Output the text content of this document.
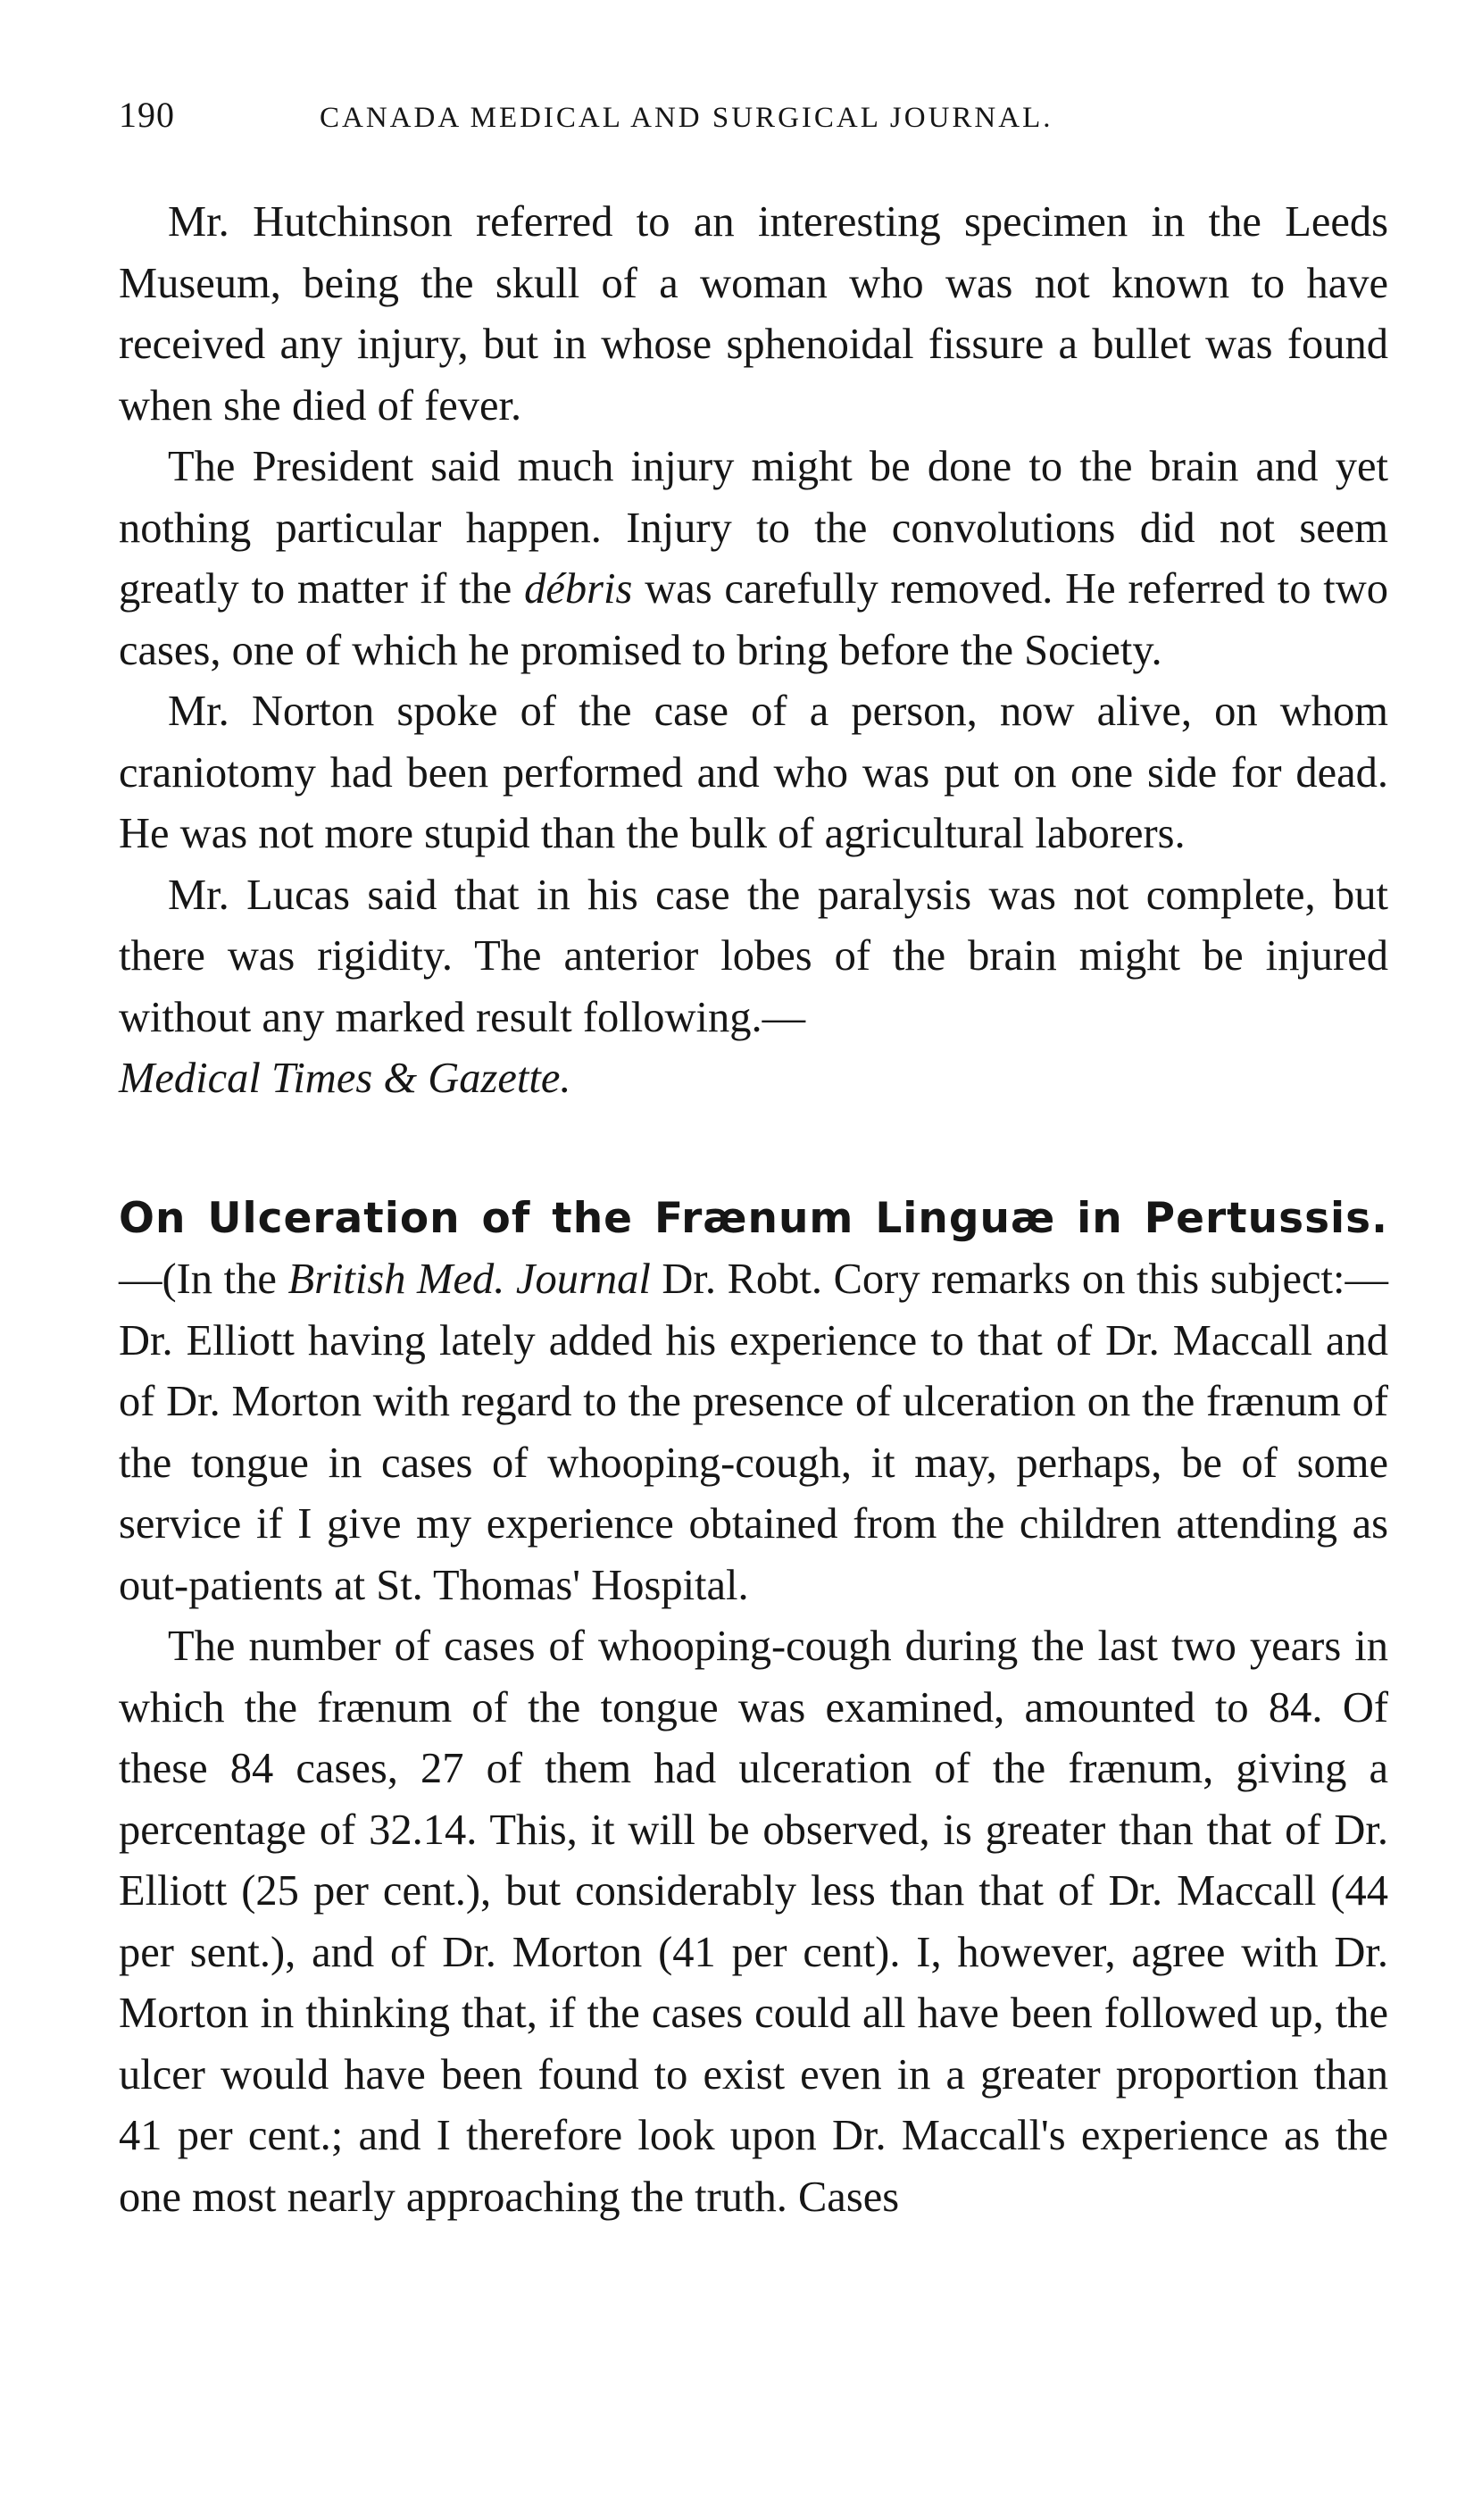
190	CANADA MEDICAL AND SURGICAL JOURNAL.

Mr. Hutchinson referred to an interesting specimen in the Leeds Museum, being the skull of a woman who was not known to have received any injury, but in whose sphenoidal fissure a bullet was found when she died of fever.

The President said much injury might be done to the brain and yet nothing particular happen. Injury to the convolutions did not seem greatly to matter if the débris was carefully removed. He referred to two cases, one of which he promised to bring before the Society.

Mr. Norton spoke of the case of a person, now alive, on whom craniotomy had been performed and who was put on one side for dead. He was not more stupid than the bulk of agricultural laborers.

Mr. Lucas said that in his case the paralysis was not complete, but there was rigidity. The anterior lobes of the brain might be injured without any marked result following.—
Medical Times & Gazette.

On Ulceration of the Frænum Linguæ in Pertussis.—(In the British Med. Journal Dr. Robt. Cory remarks on this subject:—Dr. Elliott having lately added his experience to that of Dr. Maccall and of Dr. Morton with regard to the presence of ulceration on the frænum of the tongue in cases of whooping-cough, it may, perhaps, be of some service if I give my experience obtained from the children attending as out-patients at St. Thomas' Hospital.

The number of cases of whooping-cough during the last two years in which the frænum of the tongue was examined, amounted to 84. Of these 84 cases, 27 of them had ulceration of the frænum, giving a percentage of 32.14. This, it will be observed, is greater than that of Dr. Elliott (25 per cent.), but considerably less than that of Dr. Maccall (44 per sent.), and of Dr. Morton (41 per cent). I, however, agree with Dr. Morton in thinking that, if the cases could all have been followed up, the ulcer would have been found to exist even in a greater proportion than 41 per cent.; and I therefore look upon Dr. Maccall's experience as the one most nearly approaching the truth. Cases
